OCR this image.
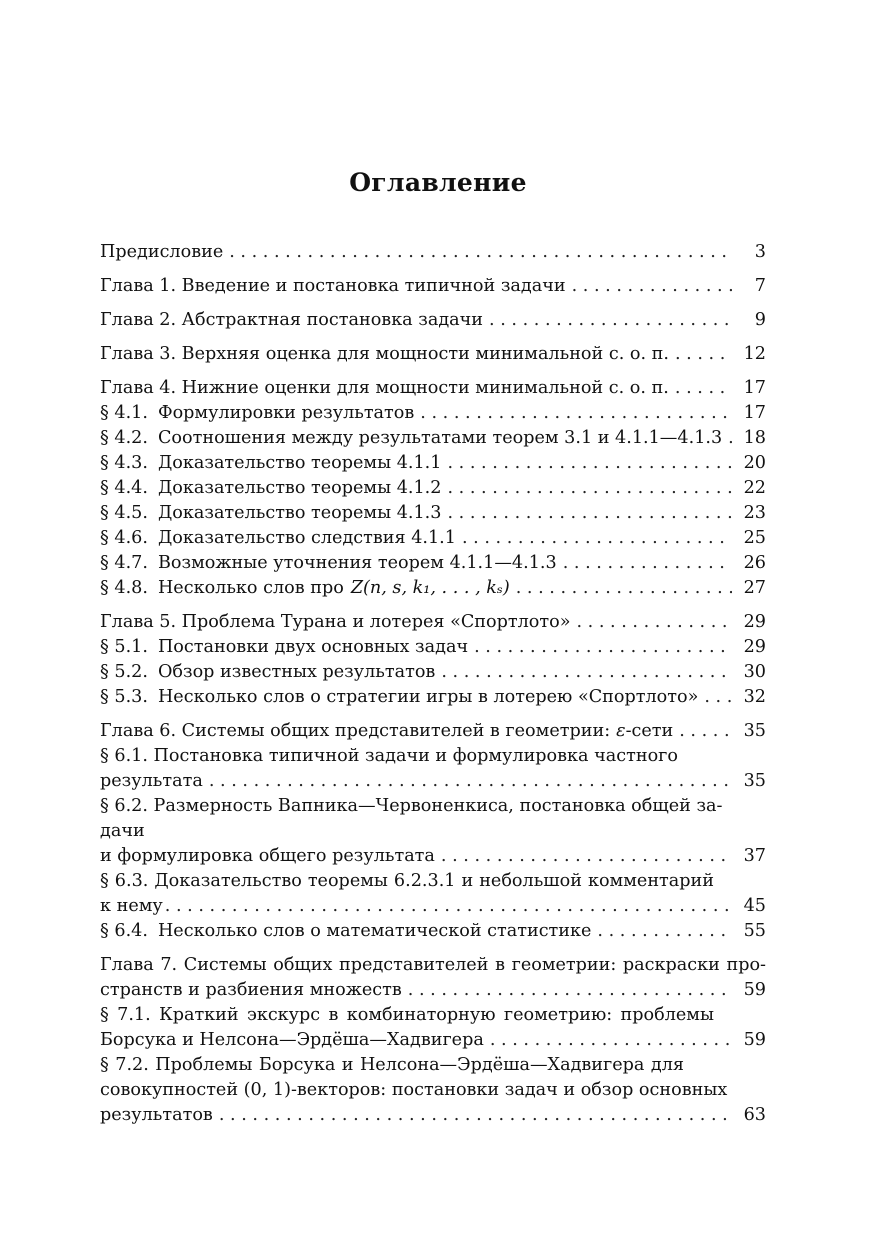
Оглавление
Предисловие . . .	3
Глава 1. Введение и постановка типичной задачи . . .	7
Глава 2. Абстрактная постановка задачи . . .	9
Глава 3. Верхняя оценка для мощности минимальной с. о. п. . . .	12
Глава 4. Нижние оценки для мощности минимальной с. о. п. . . .	17
§ 4.1. Формулировки результатов . . .	17
§ 4.2. Соотношения между результатами теорем 3.1 и 4.1.1—4.1.3 . . . 18
§ 4.3. Доказательство теоремы 4.1.1 . . .	20
§ 4.4. Доказательство теоремы 4.1.2 . . .	22
§ 4.5. Доказательство теоремы 4.1.3 . . .	23
§ 4.6. Доказательство следствия 4.1.1 . . .	25
§ 4.7. Возможные уточнения теорем 4.1.1—4.1.3 . . .	26
§ 4.8. Несколько слов про Z(n, s, k₁, . . . , kₛ) . . .	27
Глава 5. Проблема Турана и лотерея «Спортлото» . . .	29
§ 5.1. Постановки двух основных задач . . .	29
§ 5.2. Обзор известных результатов . . .	30
§ 5.3. Несколько слов о стратегии игры в лотерею «Спортлото» . . .	32
Глава 6. Системы общих представителей в геометрии: ε -сети . . .	35
§ 6.1. Постановка типичной задачи и формулировка частного
результата . . .	35
§ 6.2. Размерность Вапника—Червоненкиса, постановка общей за-
дачи
и формулировка общего результата . . .	37
§ 6.3. Доказательство теоремы 6.2.3.1 и небольшой комментарий
к нему . . .	45
§ 6.4. Несколько слов о математической статистике . . .	55
Глава 7. Системы общих представителей в геометрии: раскраски про-
странств и разбиения множеств . . .	59
§ 7.1. Краткий экскурс в комбинаторную геометрию: проблемы
Борсука и Нелсона—Эрдёша—Хадвигера . . .	59
§ 7.2. Проблемы Борсука и Нелсона—Эрдёша—Хадвигера для
совокупностей (0, 1)-векторов: постановки задач и обзор основных
результатов . . .	63
